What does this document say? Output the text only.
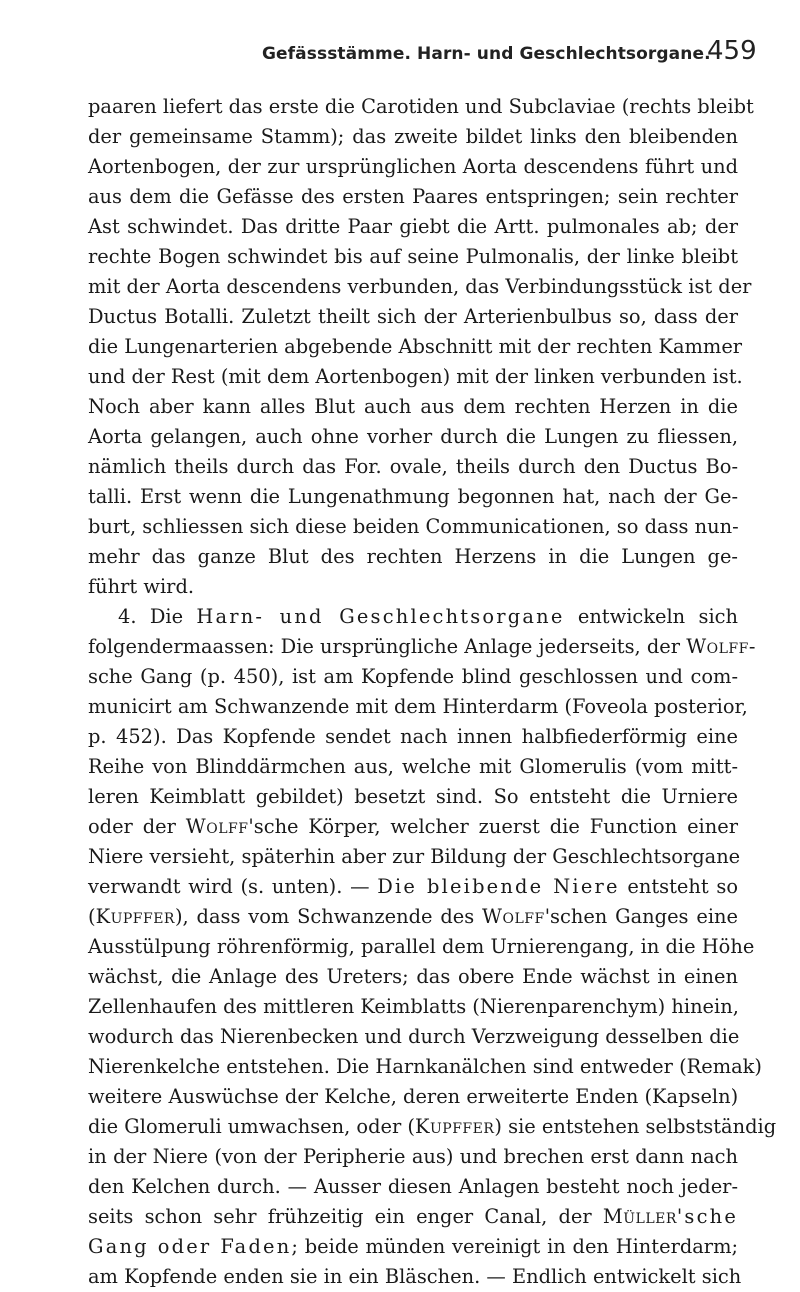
Gefässstämme. Harn- und Geschlechtsorgane.
459
paaren liefert das erste die Carotiden und Subclaviae (rechts bleibt
der gemeinsame Stamm); das zweite bildet links den bleibenden
Aortenbogen, der zur ursprünglichen Aorta descendens führt und
aus dem die Gefässe des ersten Paares entspringen; sein rechter
Ast schwindet. Das dritte Paar giebt die Artt. pulmonales ab; der
rechte Bogen schwindet bis auf seine Pulmonalis, der linke bleibt
mit der Aorta descendens verbunden, das Verbindungsstück ist der
Ductus Botalli. Zuletzt theilt sich der Arterienbulbus so, dass der
die Lungenarterien abgebende Abschnitt mit der rechten Kammer
und der Rest (mit dem Aortenbogen) mit der linken verbunden ist.
Noch aber kann alles Blut auch aus dem rechten Herzen in die
Aorta gelangen, auch ohne vorher durch die Lungen zu fliessen,
nämlich theils durch das For. ovale, theils durch den Ductus Bo-
talli. Erst wenn die Lungenathmung begonnen hat, nach der Ge-
burt, schliessen sich diese beiden Communicationen, so dass nun-
mehr das ganze Blut des rechten Herzens in die Lungen ge-
führt wird.
4. Die Harn- und Geschlechtsorgane entwickeln sich
folgendermaassen: Die ursprüngliche Anlage jederseits, der Wolff-
sche Gang (p. 450), ist am Kopfende blind geschlossen und com-
municirt am Schwanzende mit dem Hinterdarm (Foveola posterior,
p. 452). Das Kopfende sendet nach innen halbfiederförmig eine
Reihe von Blinddärmchen aus, welche mit Glomerulis (vom mitt-
leren Keimblatt gebildet) besetzt sind. So entsteht die Urniere
oder der Wolff'sche Körper, welcher zuerst die Function einer
Niere versieht, späterhin aber zur Bildung der Geschlechtsorgane
verwandt wird (s. unten). — Die bleibende Niere entsteht so
(Kupffer), dass vom Schwanzende des Wolff'schen Ganges eine
Ausstülpung röhrenförmig, parallel dem Urnierengang, in die Höhe
wächst, die Anlage des Ureters; das obere Ende wächst in einen
Zellenhaufen des mittleren Keimblatts (Nierenparenchym) hinein,
wodurch das Nierenbecken und durch Verzweigung desselben die
Nierenkelche entstehen. Die Harnkanälchen sind entweder (Remak)
weitere Auswüchse der Kelche, deren erweiterte Enden (Kapseln)
die Glomeruli umwachsen, oder (Kupffer) sie entstehen selbstständig
in der Niere (von der Peripherie aus) und brechen erst dann nach
den Kelchen durch. — Ausser diesen Anlagen besteht noch jeder-
seits schon sehr frühzeitig ein enger Canal, der Müller'sche
Gang oder Faden; beide münden vereinigt in den Hinterdarm;
am Kopfende enden sie in ein Bläschen. — Endlich entwickelt sich
